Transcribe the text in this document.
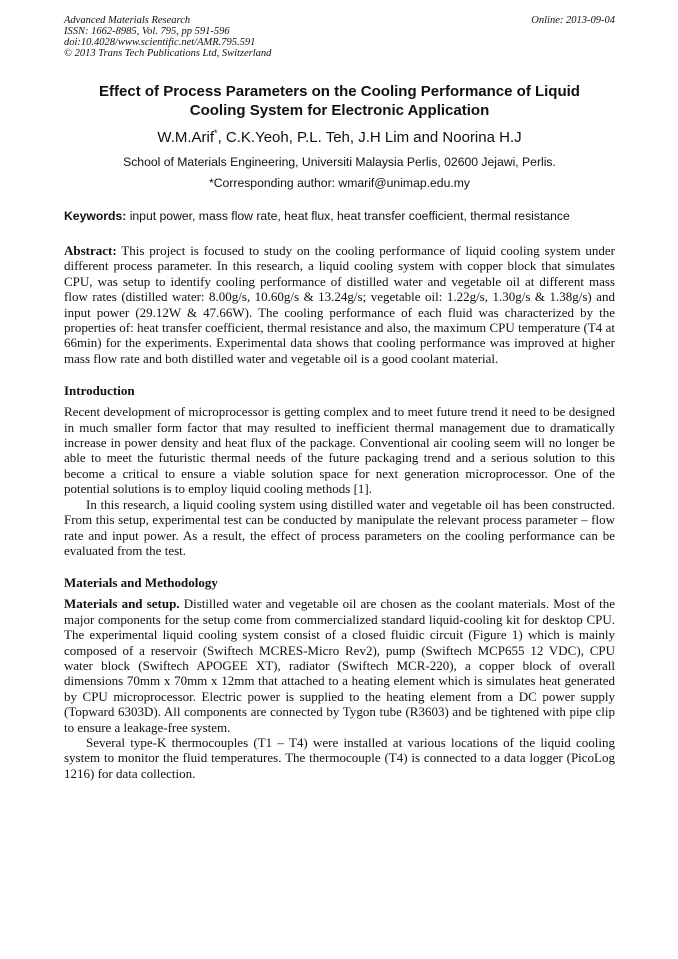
Advanced Materials Research
ISSN: 1662-8985, Vol. 795, pp 591-596
doi:10.4028/www.scientific.net/AMR.795.591
© 2013 Trans Tech Publications Ltd, Switzerland
Online: 2013-09-04
Effect of Process Parameters on the Cooling Performance of Liquid Cooling System for Electronic Application
W.M.Arif*, C.K.Yeoh, P.L. Teh, J.H Lim and Noorina H.J
School of Materials Engineering, Universiti Malaysia Perlis, 02600 Jejawi, Perlis.
*Corresponding author: wmarif@unimap.edu.my
Keywords: input power, mass flow rate, heat flux, heat transfer coefficient, thermal resistance

Abstract: This project is focused to study on the cooling performance of liquid cooling system under different process parameter. In this research, a liquid cooling system with copper block that simulates CPU, was setup to identify cooling performance of distilled water and vegetable oil at different mass flow rates (distilled water: 8.00g/s, 10.60g/s & 13.24g/s; vegetable oil: 1.22g/s, 1.30g/s & 1.38g/s) and input power (29.12W & 47.66W). The cooling performance of each fluid was characterized by the properties of: heat transfer coefficient, thermal resistance and also, the maximum CPU temperature (T4 at 66min) for the experiments. Experimental data shows that cooling performance was improved at higher mass flow rate and both distilled water and vegetable oil is a good coolant material.

Introduction

Recent development of microprocessor is getting complex and to meet future trend it need to be designed in much smaller form factor that may resulted to inefficient thermal management due to dramatically increase in power density and heat flux of the package. Conventional air cooling seem will no longer be able to meet the futuristic thermal needs of the future packaging trend and a serious solution to this become a critical to ensure a viable solution space for next generation microprocessor. One of the potential solutions is to employ liquid cooling methods [1].

In this research, a liquid cooling system using distilled water and vegetable oil has been constructed. From this setup, experimental test can be conducted by manipulate the relevant process parameter – flow rate and input power. As a result, the effect of process parameters on the cooling performance can be evaluated from the test.

Materials and Methodology

Materials and setup. Distilled water and vegetable oil are chosen as the coolant materials. Most of the major components for the setup come from commercialized standard liquid-cooling kit for desktop CPU. The experimental liquid cooling system consist of a closed fluidic circuit (Figure 1) which is mainly composed of a reservoir (Swiftech MCRES-Micro Rev2), pump (Swiftech MCP655 12 VDC), CPU water block (Swiftech APOGEE XT), radiator (Swiftech MCR-220), a copper block of overall dimensions 70mm x 70mm x 12mm that attached to a heating element which is simulates heat generated by CPU microprocessor. Electric power is supplied to the heating element from a DC power supply (Topward 6303D). All components are connected by Tygon tube (R3603) and be tightened with pipe clip to ensure a leakage-free system.

Several type-K thermocouples (T1 – T4) were installed at various locations of the liquid cooling system to monitor the fluid temperatures. The thermocouple (T4) is connected to a data logger (PicoLog 1216) for data collection.
